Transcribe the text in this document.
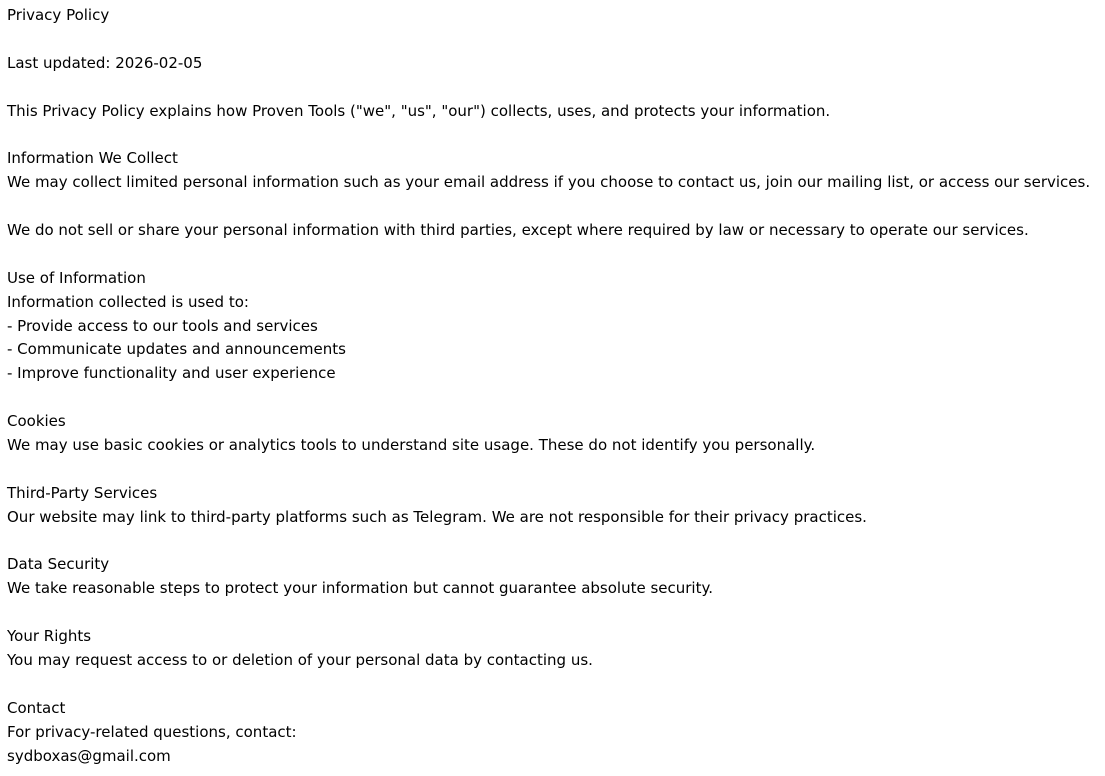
Privacy Policy
Last updated: 2026-02-05
This Privacy Policy explains how Proven Tools ("we", "us", "our") collects, uses, and protects your information.
Information We Collect
We may collect limited personal information such as your email address if you choose to contact us, join our mailing list, or access our services.
We do not sell or share your personal information with third parties, except where required by law or necessary to operate our services.
Use of Information
Information collected is used to:
- Provide access to our tools and services
- Communicate updates and announcements
- Improve functionality and user experience
Cookies
We may use basic cookies or analytics tools to understand site usage. These do not identify you personally.
Third-Party Services
Our website may link to third-party platforms such as Telegram. We are not responsible for their privacy practices.
Data Security
We take reasonable steps to protect your information but cannot guarantee absolute security.
Your Rights
You may request access to or deletion of your personal data by contacting us.
Contact
For privacy-related questions, contact:
sydboxas@gmail.com
